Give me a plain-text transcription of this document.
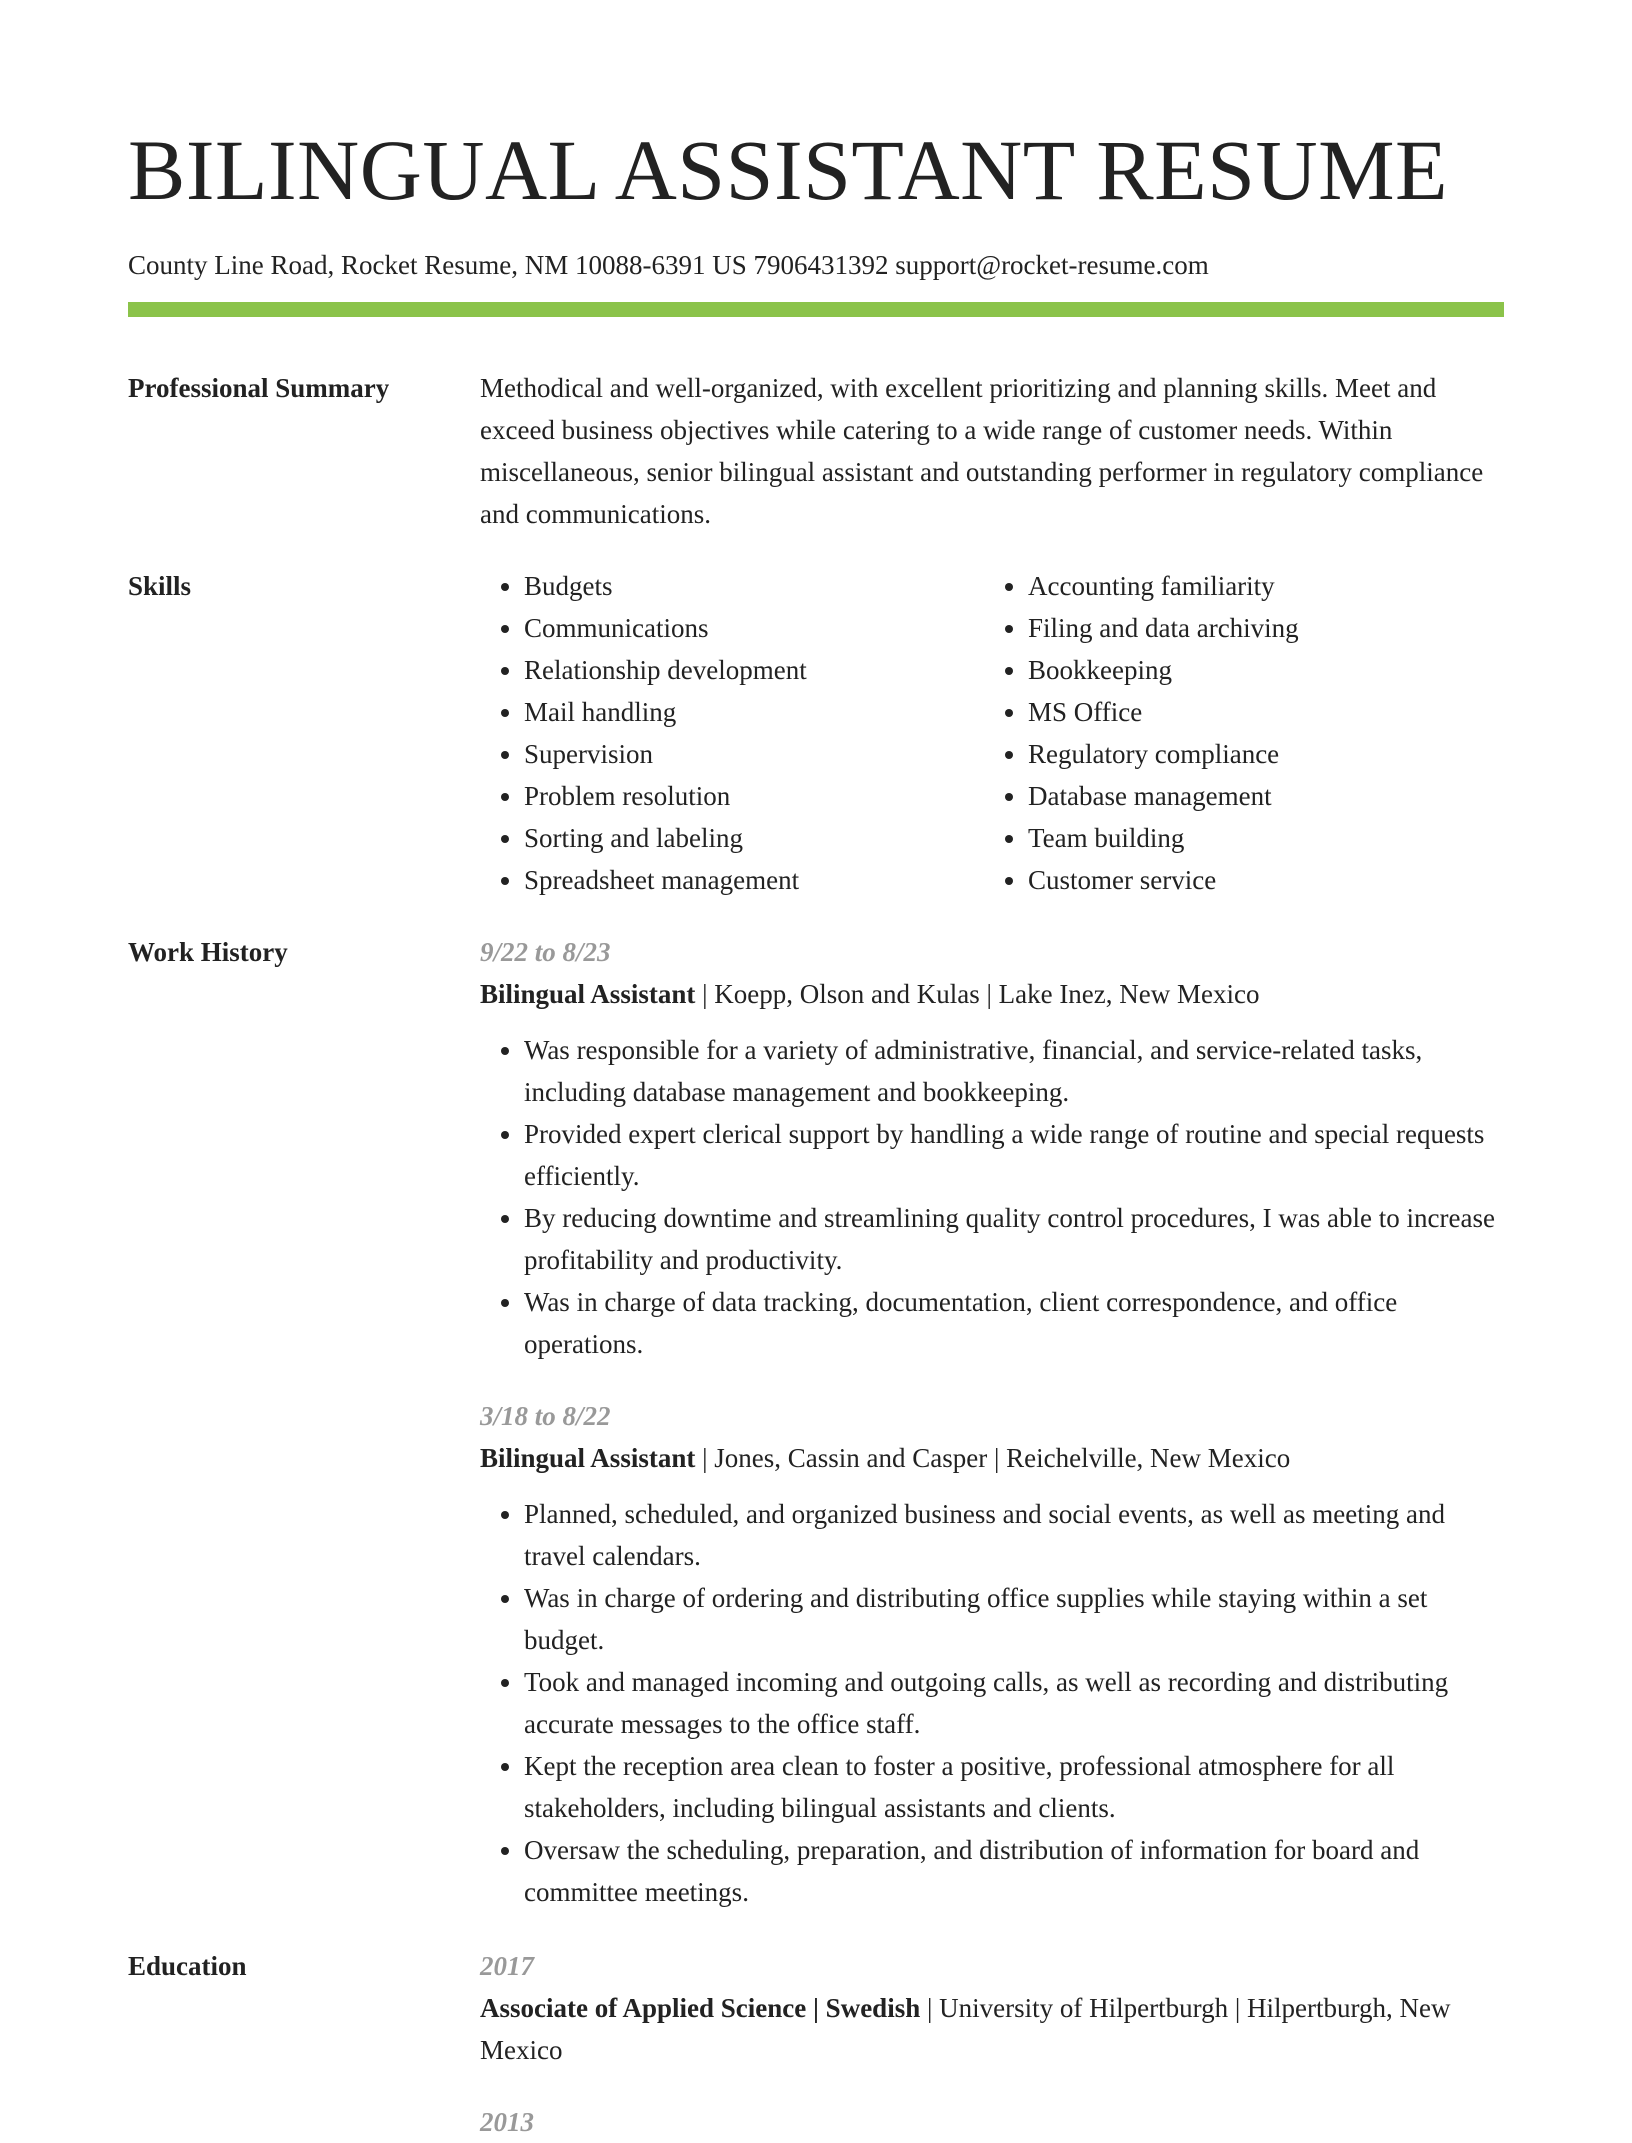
BILINGUAL ASSISTANT RESUME
County Line Road, Rocket Resume, NM 10088-6391 US 7906431392 support@rocket-resume.com
Professional Summary	Methodical and well-organized, with excellent prioritizing and planning skills. Meet and exceed business objectives while catering to a wide range of customer needs. Within miscellaneous, senior bilingual assistant and outstanding performer in regulatory compliance and communications.

Skills
•	Budgets
• Communications
• Relationship development
• Mail handling
• Supervision
• Problem resolution
• Sorting and labeling
• Spreadsheet management
• Accounting familiarity
• Filing and data archiving
• Bookkeeping
• MS Office
• Regulatory compliance
• Database management
• Team building
• Customer service
Work History	9/22 to 8/23
Bilingual Assistant | Koepp, Olson and Kulas | Lake Inez, New Mexico
• Was responsible for a variety of administrative, financial, and service-related tasks, including database management and bookkeeping.
• Provided expert clerical support by handling a wide range of routine and special requests efficiently.
• By reducing downtime and streamlining quality control procedures, I was able to increase profitability and productivity.
• Was in charge of data tracking, documentation, client correspondence, and office operations.
3/18 to 8/22
Bilingual Assistant | Jones, Cassin and Casper | Reichelville, New Mexico
• Planned, scheduled, and organized business and social events, as well as meeting and travel calendars.
• Was in charge of ordering and distributing office supplies while staying within a set budget.
• Took and managed incoming and outgoing calls, as well as recording and distributing accurate messages to the office staff.
• Kept the reception area clean to foster a positive, professional atmosphere for all stakeholders, including bilingual assistants and clients.
• Oversaw the scheduling, preparation, and distribution of information for board and committee meetings.
Education	2017
Associate of Applied Science | Swedish | University of Hilpertburgh | Hilpertburgh, New Mexico
2013
